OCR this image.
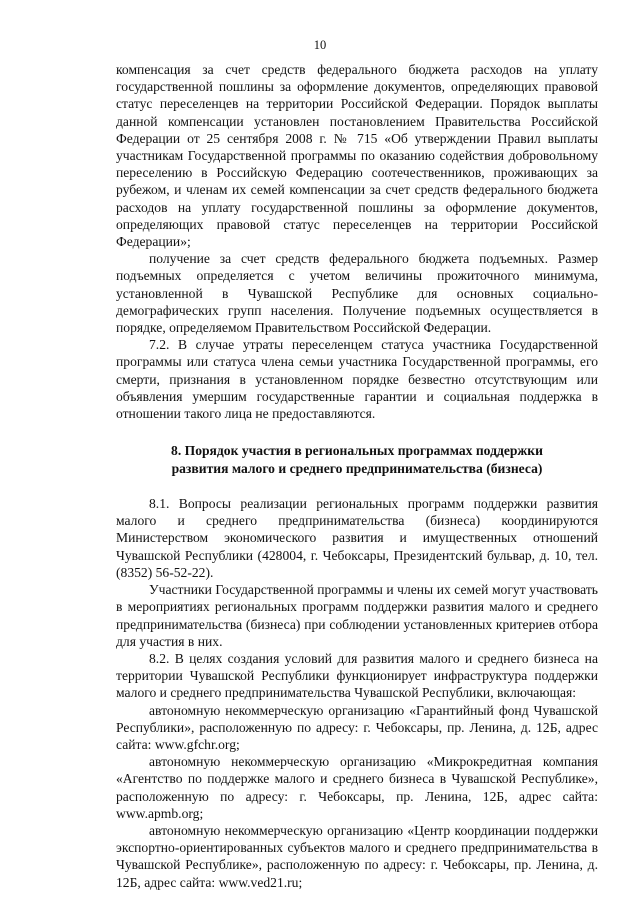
10

компенсация за счет средств федерального бюджета расходов на уплату государственной пошлины за оформление документов, определяющих правовой статус переселенцев на территории Российской Федерации. Порядок выплаты данной компенсации установлен постановлением Правительства Российской Федерации от 25 сентября 2008 г. № 715 «Об утверждении Правил выплаты участникам Государственной программы по оказанию содействия добровольному переселению в Российскую Федерацию соотечественников, проживающих за рубежом, и членам их семей компенсации за счет средств федерального бюджета расходов на уплату государственной пошлины за оформление документов, определяющих правовой статус переселенцев на территории Российской Федерации»;

получение за счет средств федерального бюджета подъемных. Размер подъемных определяется с учетом величины прожиточного минимума, установленной в Чувашской Республике для основных социально-демографических групп населения. Получение подъемных осуществляется в порядке, определяемом Правительством Российской Федерации.

7.2. В случае утраты переселенцем статуса участника Государственной программы или статуса члена семьи участника Государственной программы, его смерти, признания в установленном порядке безвестно отсутствующим или объявления умершим государственные гарантии и социальная поддержка в отношении такого лица не предоставляются.

8. Порядок участия в региональных программах поддержки
развития малого и среднего предпринимательства (бизнеса)

8.1. Вопросы реализации региональных программ поддержки развития малого и среднего предпринимательства (бизнеса) координируются Министерством экономического развития и имущественных отношений Чувашской Республики (428004, г. Чебоксары, Президентский бульвар, д. 10, тел. (8352) 56-52-22).

Участники Государственной программы и члены их семей могут участвовать в мероприятиях региональных программ поддержки развития малого и среднего предпринимательства (бизнеса) при соблюдении установленных критериев отбора для участия в них.

8.2. В целях создания условий для развития малого и среднего бизнеса на территории Чувашской Республики функционирует инфраструктура поддержки малого и среднего предпринимательства Чувашской Республики, включающая:

автономную некоммерческую организацию «Гарантийный фонд Чувашской Республики», расположенную по адресу: г. Чебоксары, пр. Ленина, д. 12Б, адрес сайта: www.gfchr.org;

автономную некоммерческую организацию «Микрокредитная компания «Агентство по поддержке малого и среднего бизнеса в Чувашской Республике», расположенную по адресу: г. Чебоксары, пр. Ленина, 12Б, адрес сайта: www.apmb.org;

автономную некоммерческую организацию «Центр координации поддержки экспортно-ориентированных субъектов малого и среднего предпринимательства в Чувашской Республике», расположенную по адресу: г. Чебоксары, пр. Ленина, д. 12Б, адрес сайта: www.ved21.ru;
